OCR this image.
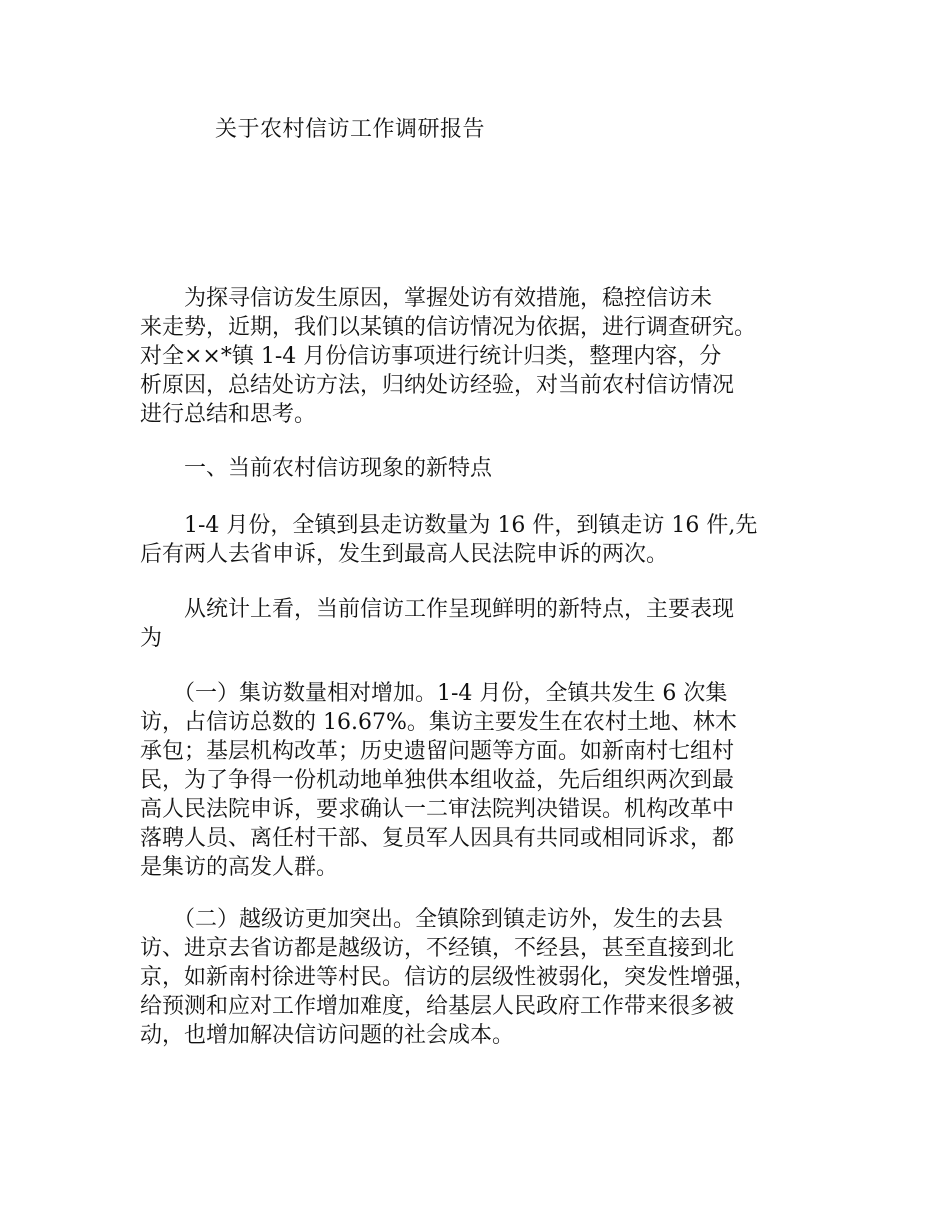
关于农村信访工作调研报告

　　为探寻信访发生原因，掌握处访有效措施，稳控信访未
来走势，近期，我们以某镇的信访情况为依据，进行调查研究。
对全××*镇 1-4 月份信访事项进行统计归类，整理内容，分
析原因，总结处访方法，归纳处访经验，对当前农村信访情况
进行总结和思考。

　　一、当前农村信访现象的新特点

　　1-4 月份，全镇到县走访数量为 16 件，到镇走访 16 件,先
后有两人去省申诉，发生到最高人民法院申诉的两次。

　　从统计上看，当前信访工作呈现鲜明的新特点，主要表现
为

　　（一）集访数量相对增加。1-4 月份，全镇共发生 6 次集
访，占信访总数的 16.67%。集访主要发生在农村土地、林木
承包；基层机构改革；历史遗留问题等方面。如新南村七组村
民，为了争得一份机动地单独供本组收益，先后组织两次到最
高人民法院申诉，要求确认一二审法院判决错误。机构改革中
落聘人员、离任村干部、复员军人因具有共同或相同诉求，都
是集访的高发人群。

　　（二）越级访更加突出。全镇除到镇走访外，发生的去县
访、进京去省访都是越级访，不经镇，不经县，甚至直接到北
京，如新南村徐进等村民。信访的层级性被弱化，突发性增强，
给预测和应对工作增加难度，给基层人民政府工作带来很多被
动，也增加解决信访问题的社会成本。
